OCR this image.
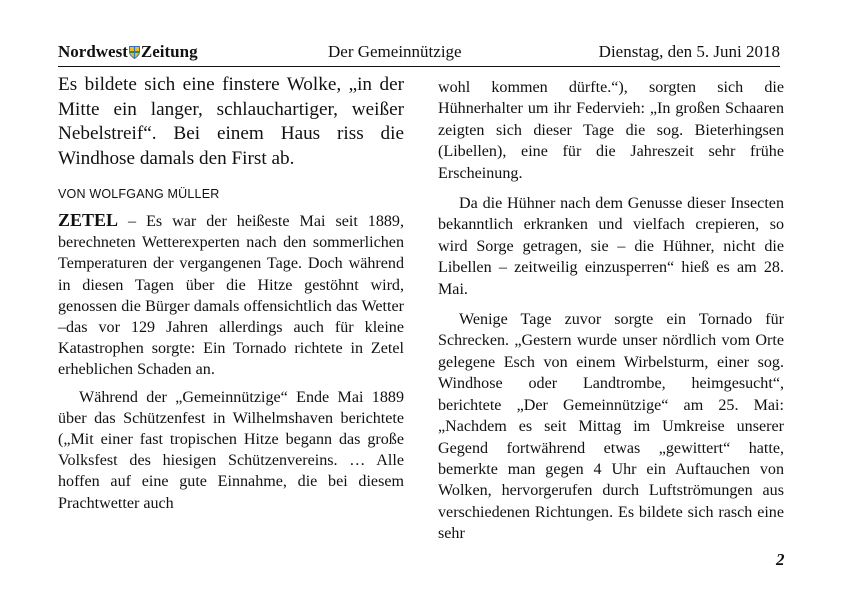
Nordwest Zeitung	Der Gemeinnützige	Dienstag, den 5. Juni 2018

Es bildete sich eine finstere Wolke, „in der Mitte ein langer, schlauchartiger, weißer Nebelstreif“. Bei einem Haus riss die Windhose damals den First ab.

VON WOLFGANG MÜLLER

ZETEL – Es war der heißeste Mai seit 1889, berechneten Wetterexperten nach den sommerlichen Temperaturen der vergangenen Tage. Doch während in diesen Tagen über die Hitze gestöhnt wird, genossen die Bürger damals offensichtlich das Wetter –das vor 129 Jahren allerdings auch für kleine Katastrophen sorgte: Ein Tornado richtete in Zetel erheblichen Schaden an.

Während der „Gemeinnützige“ Ende Mai 1889 über das Schützenfest in Wilhelmshaven berichtete („Mit einer fast tropischen Hitze begann das große Volksfest des hiesigen Schützenvereins. … Alle hoffen auf eine gute Einnahme, die bei diesem Prachtwetter auch

wohl kommen dürfte.“), sorgten sich die Hühnerhalter um ihr Federvieh: „In großen Schaaren zeigten sich dieser Tage die sog. Bieterhingsen (Libellen), eine für die Jahreszeit sehr frühe Erscheinung.

Da die Hühner nach dem Genusse dieser Insecten bekanntlich erkranken und vielfach crepieren, so wird Sorge getragen, sie – die Hühner, nicht die Libellen – zeitweilig einzusperren“ hieß es am 28. Mai.

Wenige Tage zuvor sorgte ein Tornado für Schrecken. „Gestern wurde unser nördlich vom Orte gelegene Esch von einem Wirbelsturm, einer sog. Windhose oder Landtrombe, heimgesucht“, berichtete „Der Gemeinnützige“ am 25. Mai: „Nachdem es seit Mittag im Umkreise unserer Gegend fortwährend etwas „gewittert“ hatte, bemerkte man gegen 4 Uhr ein Auftauchen von Wolken, hervorgerufen durch Luftströmungen aus verschiedenen Richtungen. Es bildete sich rasch eine sehr

2
